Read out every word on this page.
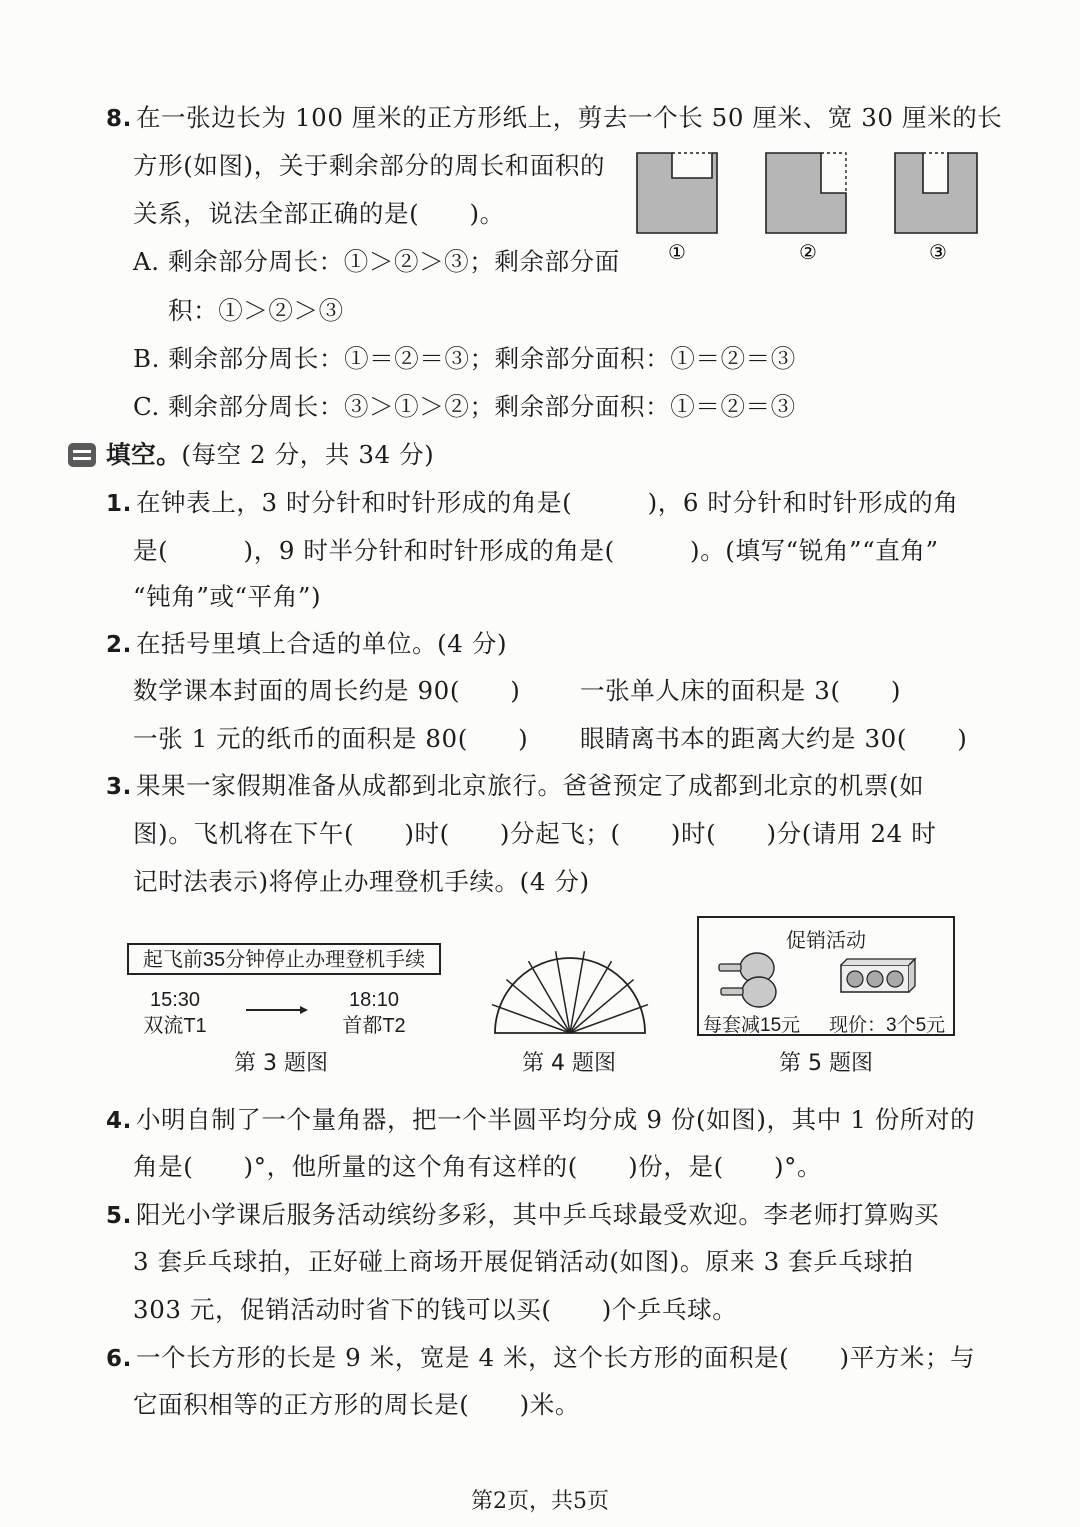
8. 在一张边长为 100 厘米的正方形纸上，剪去一个长 50 厘米、宽 30 厘米的长
方形(如图)，关于剩余部分的周长和面积的
关系，说法全部正确的是(　　)。
A. 剩余部分周长：①＞②＞③；剩余部分面
积：①＞②＞③
B. 剩余部分周长：①＝②＝③；剩余部分面积：①＝②＝③
C. 剩余部分周长：③＞①＞②；剩余部分面积：①＝②＝③
①	②	③
填空。(每空 2 分，共 34 分)
1. 在钟表上，3 时分针和时针形成的角是(　　　)，6 时分针和时针形成的角
是(　　　)，9 时半分针和时针形成的角是(　　　)。(填写“锐角”“直角”
“钝角”或“平角”)
2. 在括号里填上合适的单位。(4 分)
数学课本封面的周长约是 90(　　) 一张单人床的面积是 3(　　)
一张 1 元的纸币的面积是 80(　　) 眼睛离书本的距离大约是 30(　　)
3. 果果一家假期准备从成都到北京旅行。爸爸预定了成都到北京的机票(如
图)。飞机将在下午(　　)时(　　)分起飞；(　　)时(　　)分(请用 24 时
记时法表示)将停止办理登机手续。(4 分)
起飞前35分钟停止办理登机手续
15:30
双流T1
18:10
首都T2
第 3 题图	第 4 题图
促销活动
每套减15元 现价：3个5元
第 5 题图
4. 小明自制了一个量角器，把一个半圆平均分成 9 份(如图)，其中 1 份所对的
角是(　　)°，他所量的这个角有这样的(　　)份，是(　　)°。
5. 阳光小学课后服务活动缤纷多彩，其中乒乓球最受欢迎。李老师打算购买
3 套乒乓球拍，正好碰上商场开展促销活动(如图)。原来 3 套乒乓球拍
303 元，促销活动时省下的钱可以买(　　)个乒乓球。
6. 一个长方形的长是 9 米，宽是 4 米，这个长方形的面积是(　　)平方米；与
它面积相等的正方形的周长是(　　)米。
第2页，共5页
